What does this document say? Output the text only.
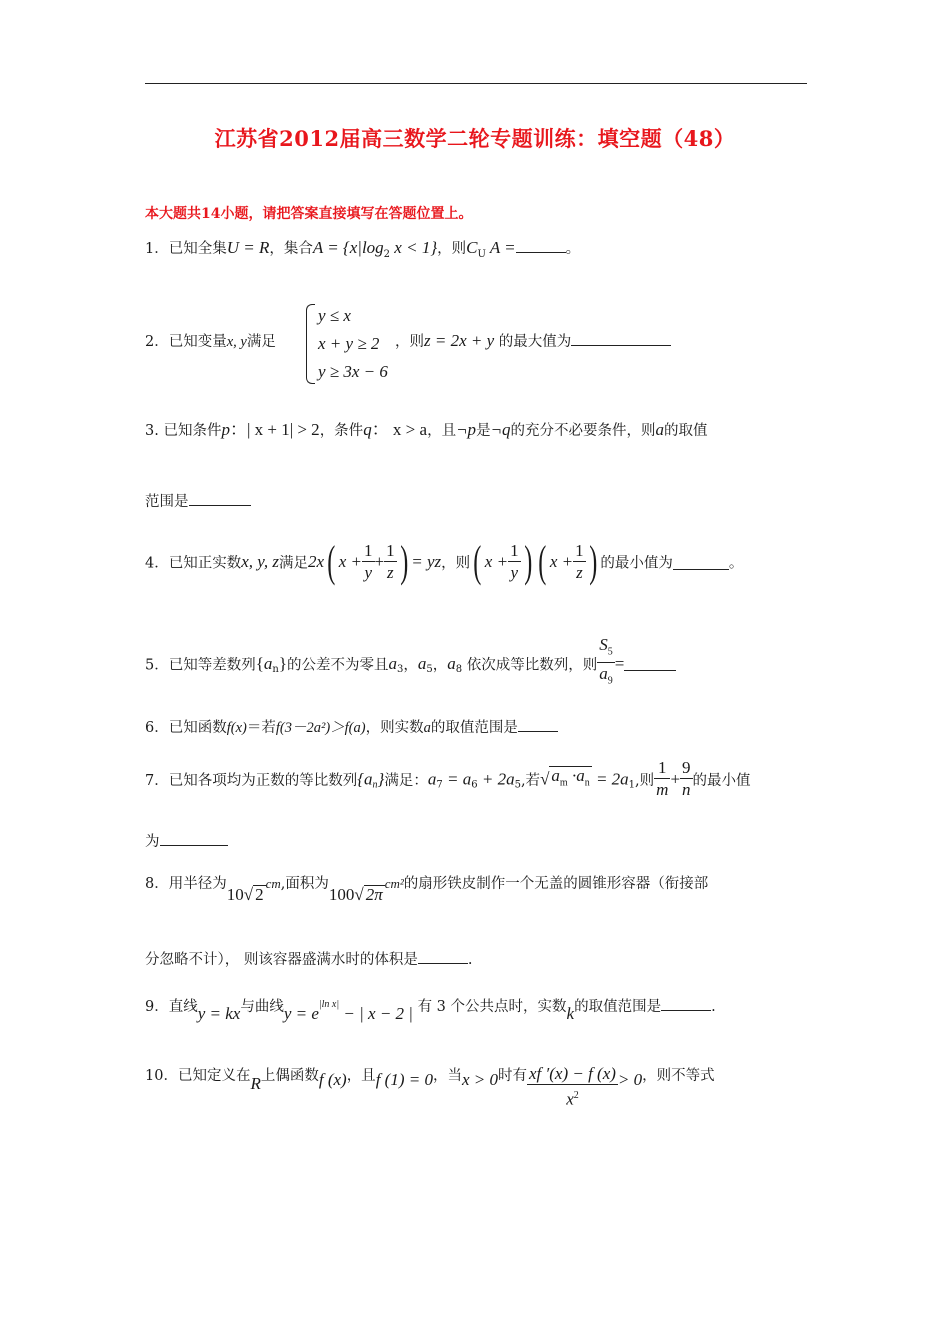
江苏省2012届高三数学二轮专题训练：填空题（48）
本大题共14小题，请把答案直接填写在答题位置上。
1．已知全集U = R，集合$A = \{x|\log_2$ x < 1}，则$C_U$ A =	。
2．已知变量x, y满足
y ≤ x
x + y ≥ 2
y ≥ 3x − 6
，则z = 2x + y 的最大值为
3. 已知条件p：| x + 1| > 2，条件q： x > a，且¬p是¬q的充分不必要条件，则a的取值
范围是
4．已知正实数x, y, z满足2x( $x + \frac{1}{y} + \frac{1}{z}$ ) = yz，则( $x + \frac{1}{y}$ ) ( $x + \frac{1}{z}$ ) 的最小值为	。
5．已知等差数列$\{a_n\}$的公差不为零且$a_3$，$a_5$，$a_8$ 依次成等比数列，则 $\frac{S_5}{a_9}$ =
6．已知函数f(x)＝若f(3－2a²)＞f(a)，则实数a的取值范围是
7．已知各项均为正数的等比数列$\{a_n\}$满足：$a_7 = a_6 + 2a_5$,若√ $a_m \cdot a_n = 2a_1$,则 $\frac{1}{m} + \frac{9}{n}$ 的最小值
为
8．用半径为10√ 2cm,面积为100√ 2πcm²的扇形铁皮制作一个无盖的圆锥形容器（衔接部
分忽略不计）， 则该容器盛满水时的体积是	.
9．直线y = kx与曲线$y = e^{|ln x|}$ − | x − 2 | 有 3 个公共点时，实数k的取值范围是	.
10．已知定义在R上偶函数f (x)，且f (1) = 0，当x > 0时有 $\frac{xf '(x) - f (x)}{x^2} > 0$，则不等式
